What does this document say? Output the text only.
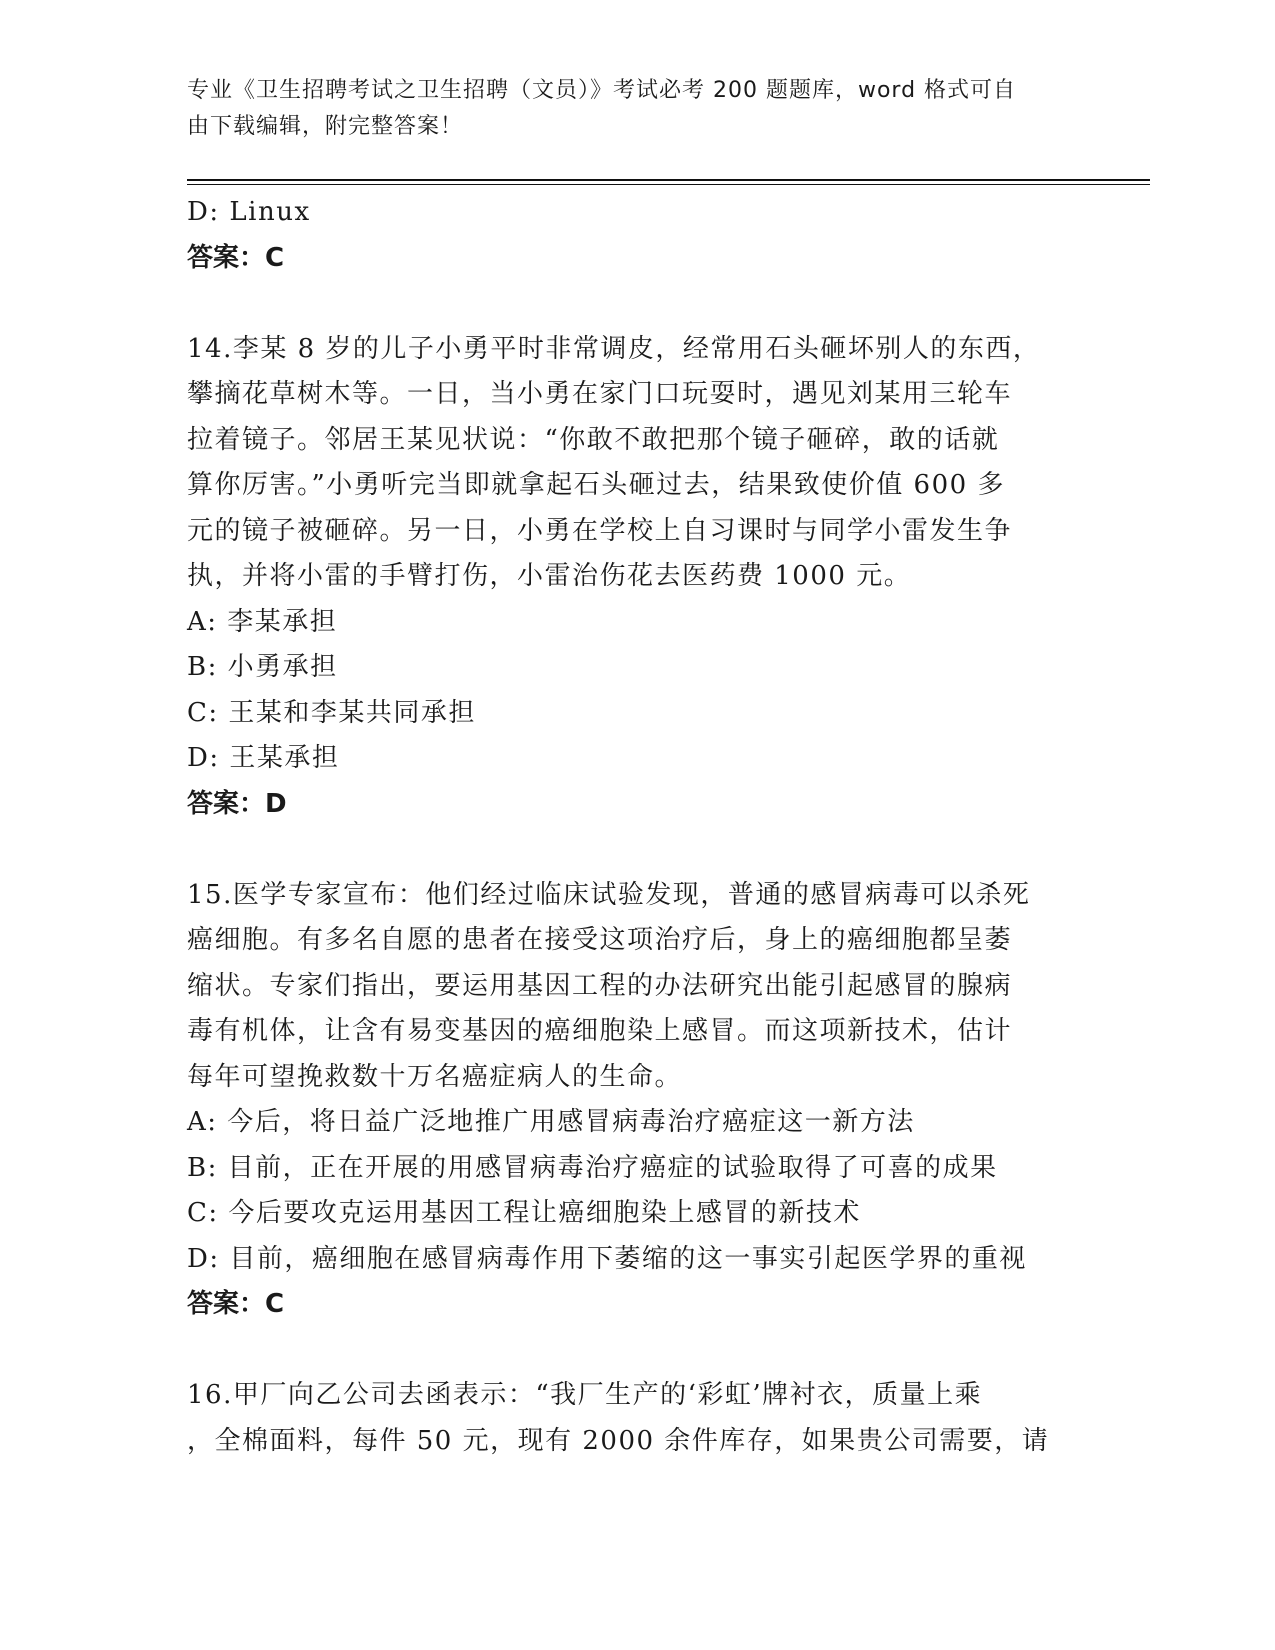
专业《卫生招聘考试之卫生招聘（文员）》考试必考 200 题题库，word 格式可自
由下载编辑，附完整答案！
D: Linux
答案：C
14.李某 8 岁的儿子小勇平时非常调皮，经常用石头砸坏别人的东西，
攀摘花草树木等。一日，当小勇在家门口玩耍时，遇见刘某用三轮车
拉着镜子。邻居王某见状说：“你敢不敢把那个镜子砸碎，敢的话就
算你厉害。”小勇听完当即就拿起石头砸过去，结果致使价值 600 多
元的镜子被砸碎。另一日，小勇在学校上自习课时与同学小雷发生争
执，并将小雷的手臂打伤，小雷治伤花去医药费 1000 元。
A: 李某承担
B: 小勇承担
C: 王某和李某共同承担
D: 王某承担
答案：D
15.医学专家宣布：他们经过临床试验发现，普通的感冒病毒可以杀死
癌细胞。有多名自愿的患者在接受这项治疗后，身上的癌细胞都呈萎
缩状。专家们指出，要运用基因工程的办法研究出能引起感冒的腺病
毒有机体，让含有易变基因的癌细胞染上感冒。而这项新技术，估计
每年可望挽救数十万名癌症病人的生命。
A: 今后，将日益广泛地推广用感冒病毒治疗癌症这一新方法
B: 目前，正在开展的用感冒病毒治疗癌症的试验取得了可喜的成果
C: 今后要攻克运用基因工程让癌细胞染上感冒的新技术
D: 目前，癌细胞在感冒病毒作用下萎缩的这一事实引起医学界的重视
答案：C
16.甲厂向乙公司去函表示：“我厂生产的‘彩虹’牌衬衣，质量上乘
，全棉面料，每件 50 元，现有 2000 余件库存，如果贵公司需要，请
